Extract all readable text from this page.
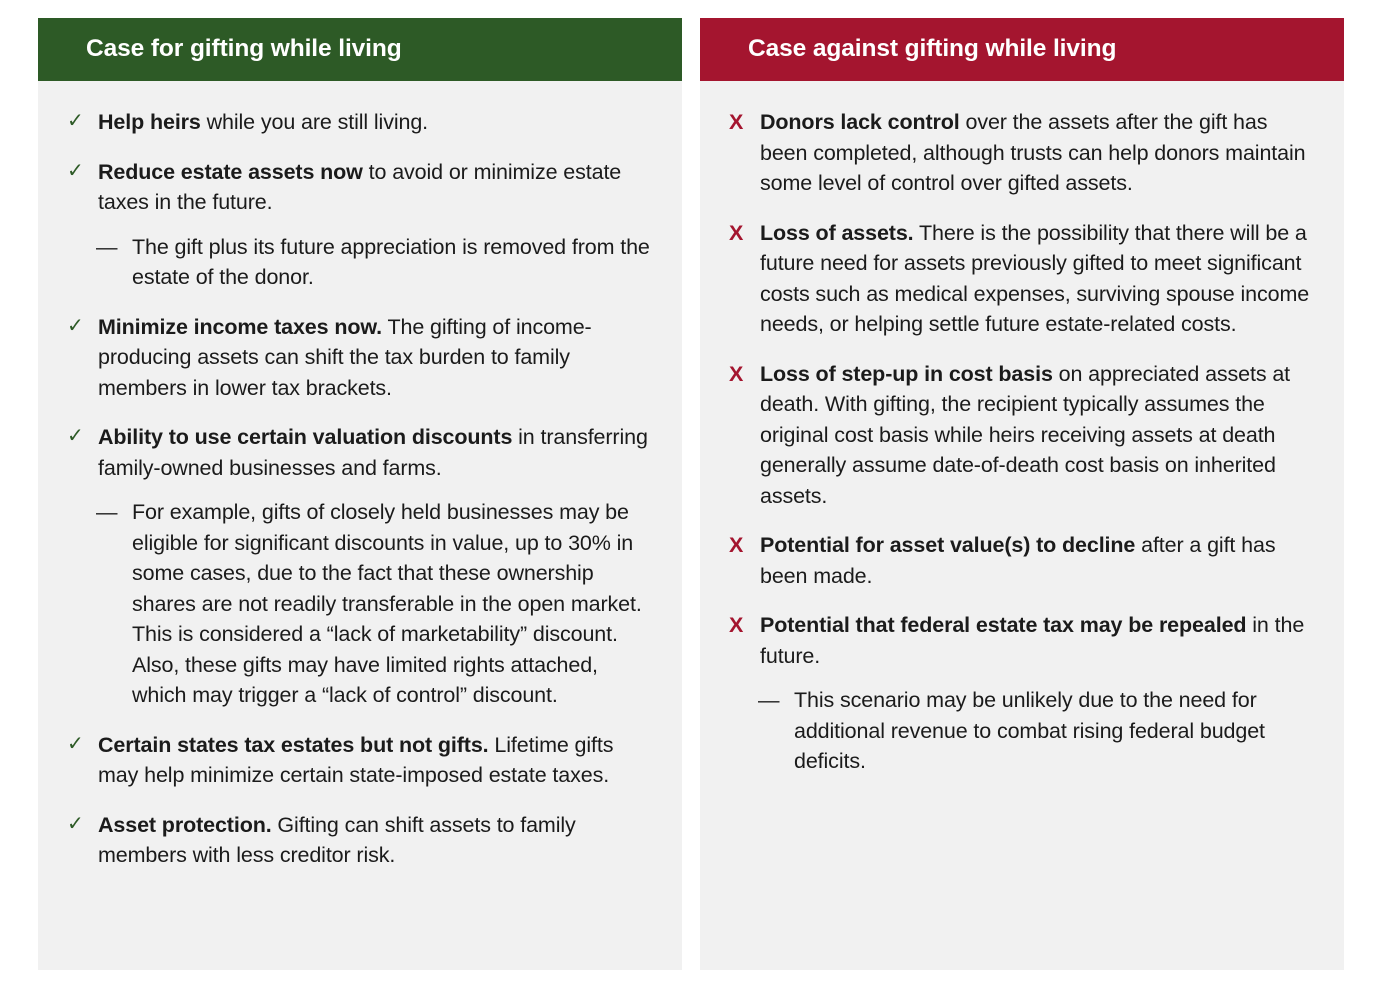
Case for gifting while living
✓ Help heirs while you are still living.
✓ Reduce estate assets now to avoid or minimize estate taxes in the future.
— The gift plus its future appreciation is removed from the estate of the donor.
✓ Minimize income taxes now. The gifting of income-producing assets can shift the tax burden to family members in lower tax brackets.
✓ Ability to use certain valuation discounts in transferring family-owned businesses and farms.
— For example, gifts of closely held businesses may be eligible for significant discounts in value, up to 30% in some cases, due to the fact that these ownership shares are not readily transferable in the open market. This is considered a “lack of marketability” discount. Also, these gifts may have limited rights attached, which may trigger a “lack of control” discount.
✓ Certain states tax estates but not gifts. Lifetime gifts may help minimize certain state-imposed estate taxes.
✓ Asset protection. Gifting can shift assets to family members with less creditor risk.
Case against gifting while living
X Donors lack control over the assets after the gift has been completed, although trusts can help donors maintain some level of control over gifted assets.
X Loss of assets. There is the possibility that there will be a future need for assets previously gifted to meet significant costs such as medical expenses, surviving spouse income needs, or helping settle future estate-related costs.
X Loss of step-up in cost basis on appreciated assets at death. With gifting, the recipient typically assumes the original cost basis while heirs receiving assets at death generally assume date-of-death cost basis on inherited assets.
X Potential for asset value(s) to decline after a gift has been made.
X Potential that federal estate tax may be repealed in the future.
— This scenario may be unlikely due to the need for additional revenue to combat rising federal budget deficits.
